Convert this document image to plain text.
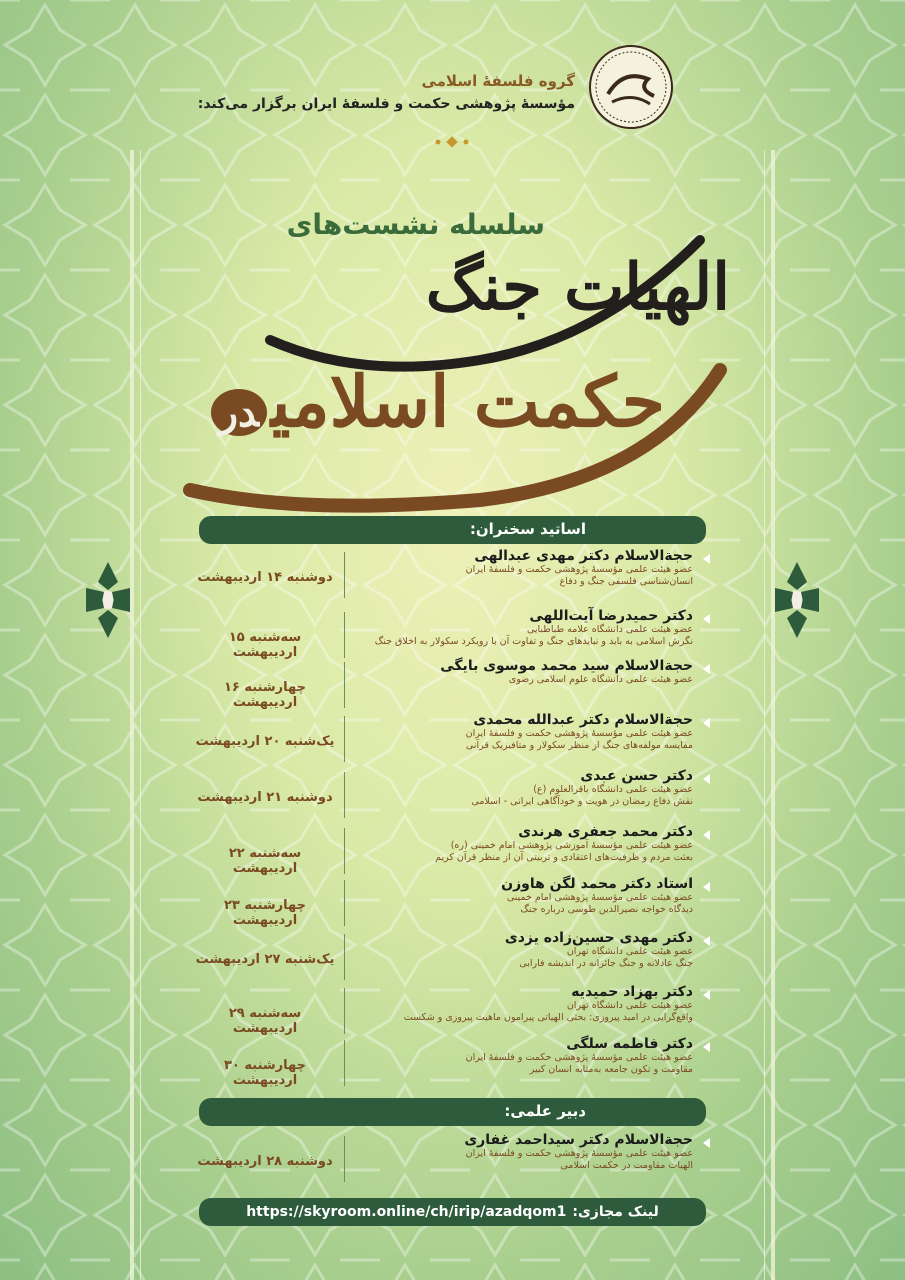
گروه فلسفۀ اسلامی
مؤسسۀ پژوهشی حکمت و فلسفۀ ایران برگزار می‌کند:
سلسله نشست‌های
الهیات جنگ
حکمت اسلامیدر
اساتید سخنران:
دوشنبه ۱۴ اردیبهشت
حجة‌الاسلام دکتر مهدی عبدالهی
عضو هیئت علمی مؤسسۀ پژوهشی حکمت و فلسفۀ ایران
انسان‌شناسی فلسفی جنگ و دفاع
سه‌شنبه ۱۵ اردیبهشت
دکتر حمیدرضا آیت‌اللهی
عضو هیئت علمی دانشگاه علامه طباطبایی
نگرش اسلامی به باید و نبایدهای جنگ و تفاوت آن با رویکرد سکولار به اخلاق جنگ
چهارشنبه ۱۶ اردیبهشت
حجة‌الاسلام سید محمد موسوی بایگی
عضو هیئت علمی دانشگاه علوم اسلامی رضوی
یک‌شنبه ۲۰ اردیبهشت
حجة‌الاسلام دکتر عبدالله محمدی
عضو هیئت علمی مؤسسۀ پژوهشی حکمت و فلسفۀ ایران
مقایسه مولفه‌های جنگ از منظر سکولار و متافیزیک قرآنی
دوشنبه ۲۱ اردیبهشت
دکتر حسن عبدی
عضو هیئت علمی دانشگاه باقرالعلوم (ع)
نقش دفاع رمضان در هویت و خودآگاهی ایرانی - اسلامی
سه‌شنبه ۲۲ اردیبهشت
دکتر محمد جعفری هرندی
عضو هیئت علمی مؤسسۀ آموزشی پژوهشی امام خمینی (ره)
بعثت مردم و ظرفیت‌های اعتقادی و تربیتی آن از منظر قرآن کریم
چهارشنبه ۲۳ اردیبهشت
استاد دکتر محمد لگن هاوزن
عضو هیئت علمی مؤسسۀ پژوهشی امام خمینی
دیدگاه خواجه نصیرالدین طوسی درباره جنگ
یک‌شنبه ۲۷ اردیبهشت
دکتر مهدی حسین‌زاده یزدی
عضو هیئت علمی دانشگاه تهران
جنگ عادلانه و جنگ جائرانه در اندیشه فارابی
سه‌شنبه ۲۹ اردیبهشت
دکتر بهزاد حمیدیه
عضو هیئت علمی دانشگاه تهران
واقع‌گرایی در امید پیروزی: بحثی الهیاتی پیرامون ماهیت پیروزی و شکست
چهارشنبه ۳۰ اردیبهشت
دکتر فاطمه سلگی
عضو هیئت علمی مؤسسۀ پژوهشی حکمت و فلسفۀ ایران
مقاومت و تکون جامعه به‌مثابه انسان کبیر
دبیر علمی:
دوشنبه ۲۸ اردیبهشت
حجة‌الاسلام دکتر سیداحمد غفاری
عضو هیئت علمی مؤسسۀ پژوهشی حکمت و فلسفۀ ایران
الهیات مقاومت در حکمت اسلامی
لینک مجازی:
https://skyroom.online/ch/irip/azadqom1
